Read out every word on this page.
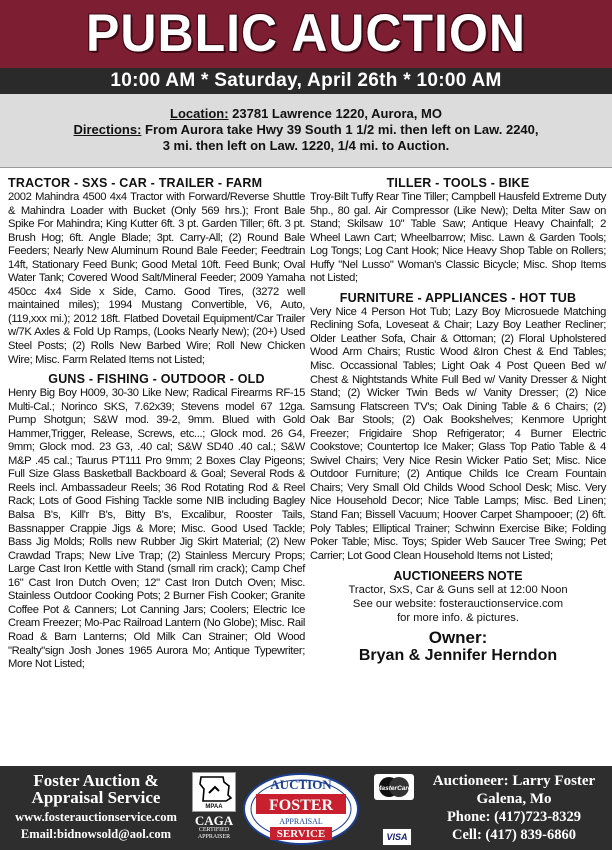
PUBLIC AUCTION
10:00 AM * Saturday, April 26th * 10:00 AM
Location: 23781 Lawrence 1220, Aurora, MO
Directions: From Aurora take Hwy 39 South 1 1/2 mi. then left on Law. 2240,
3 mi. then left on Law. 1220, 1/4 mi. to Auction.
TRACTOR - SXS - CAR - TRAILER - FARM
2002 Mahindra 4500 4x4 Tractor with Forward/Reverse Shuttle & Mahindra Loader with Bucket (Only 569 hrs.); Front Bale Spike For Mahindra; King Kutter 6ft. 3 pt. Garden Tiller; 6ft. 3 pt. Brush Hog; 6ft. Angle Blade; 3pt. Carry-All; (2) Round Bale Feeders; Nearly New Aluminum Round Bale Feeder; Feedtrain 14ft, Stationary Feed Bunk; Good Metal 10ft. Feed Bunk; Oval Water Tank; Covered Wood Salt/Mineral Feeder; 2009 Yamaha 450cc 4x4 Side x Side, Camo. Good Tires, (3272 well maintained miles); 1994 Mustang Convertible, V6, Auto, (119,xxx mi.); 2012 18ft. Flatbed Dovetail Equipment/Car Trailer w/7K Axles & Fold Up Ramps, (Looks Nearly New); (20+) Used Steel Posts; (2) Rolls New Barbed Wire; Roll New Chicken Wire; Misc. Farm Related Items not Listed;
GUNS - FISHING - OUTDOOR - OLD
Henry Big Boy H009, 30-30 Like New; Radical Firearms RF-15 Multi-Cal.; Norinco SKS, 7.62x39; Stevens model 67 12ga. Pump Shotgun; S&W mod. 39-2, 9mm. Blued with Gold Hammer,Trigger, Release, Screws, etc...; Glock mod. 26 G4, 9mm; Glock mod. 23 G3, .40 cal; S&W SD40 .40 cal.; S&W M&P .45 cal.; Taurus PT111 Pro 9mm; 2 Boxes Clay Pigeons; Full Size Glass Basketball Backboard & Goal; Several Rods & Reels incl. Ambassadeur Reels; 36 Rod Rotating Rod & Reel Rack; Lots of Good Fishing Tackle some NIB including Bagley Balsa B's, Kill'r B's, Bitty B's, Excalibur, Rooster Tails, Bassnapper Crappie Jigs & More; Misc. Good Used Tackle; Bass Jig Molds; Rolls new Rubber Jig Skirt Material; (2) New Crawdad Traps; New Live Trap; (2) Stainless Mercury Props; Large Cast Iron Kettle with Stand (small rim crack); Camp Chef 16" Cast Iron Dutch Oven; 12" Cast Iron Dutch Oven; Misc. Stainless Outdoor Cooking Pots; 2 Burner Fish Cooker; Granite Coffee Pot & Canners; Lot Canning Jars; Coolers; Electric Ice Cream Freezer; Mo-Pac Railroad Lantern (No Globe); Misc. Rail Road & Barn Lanterns; Old Milk Can Strainer; Old Wood "Realty"sign Josh Jones 1965 Aurora Mo; Antique Typewriter; More Not Listed;
TILLER - TOOLS - BIKE
Troy-Bilt Tuffy Rear Tine Tiller; Campbell Hausfeld Extreme Duty 5hp., 80 gal. Air Compressor (Like New); Delta Miter Saw on Stand; Skilsaw 10" Table Saw; Antique Heavy Chainfall; 2 Wheel Lawn Cart; Wheelbarrow; Misc. Lawn & Garden Tools; Log Tongs; Log Cant Hook; Nice Heavy Shop Table on Rollers; Huffy "Nel Lusso" Woman's Classic Bicycle; Misc. Shop Items not Listed;
FURNITURE - APPLIANCES - HOT TUB
Very Nice 4 Person Hot Tub; Lazy Boy Microsuede Matching Reclining Sofa, Loveseat & Chair; Lazy Boy Leather Recliner; Older Leather Sofa, Chair & Ottoman; (2) Floral Upholstered Wood Arm Chairs; Rustic Wood &Iron Chest & End Tables; Misc. Occassional Tables; Light Oak 4 Post Queen Bed w/ Chest & Nightstands White Full Bed w/ Vanity Dresser & Night Stand; (2) Wicker Twin Beds w/ Vanity Dresser; (2) Nice Samsung Flatscreen TV's; Oak Dining Table & 6 Chairs; (2) Oak Bar Stools; (2) Oak Bookshelves; Kenmore Upright Freezer; Frigidaire Shop Refrigerator; 4 Burner Electric Cookstove; Countertop Ice Maker; Glass Top Patio Table & 4 Swivel Chairs; Very Nice Resin Wicker Patio Set; Misc. Nice Outdoor Furniture; (2) Antique Childs Ice Cream Fountain Chairs; Very Small Old Childs Wood School Desk; Misc. Very Nice Household Decor; Nice Table Lamps; Misc. Bed Linen; Stand Fan; Bissell Vacuum; Hoover Carpet Shampooer; (2) 6ft. Poly Tables; Elliptical Trainer; Schwinn Exercise Bike; Folding Poker Table; Misc. Toys; Spider Web Saucer Tree Swing; Pet Carrier; Lot Good Clean Household Items not Listed;
AUCTIONEERS NOTE
Tractor, SxS, Car & Guns sell at 12:00 Noon
See our website: fosterauctionservice.com
for more info. & pictures.
Owner:
Bryan & Jennifer Herndon
Foster Auction &
Appraisal Service
www.fosterauctionservice.com
Email:bidnowsold@aol.com
MPAA
CAGA
CERTIFIED
APPRAISER
AUCTION
FOSTER
APPRAISAL
SERVICE
MasterCard
VISA
Auctioneer: Larry Foster
Galena, Mo
Phone: (417)723-8329
Cell: (417) 839-6860
